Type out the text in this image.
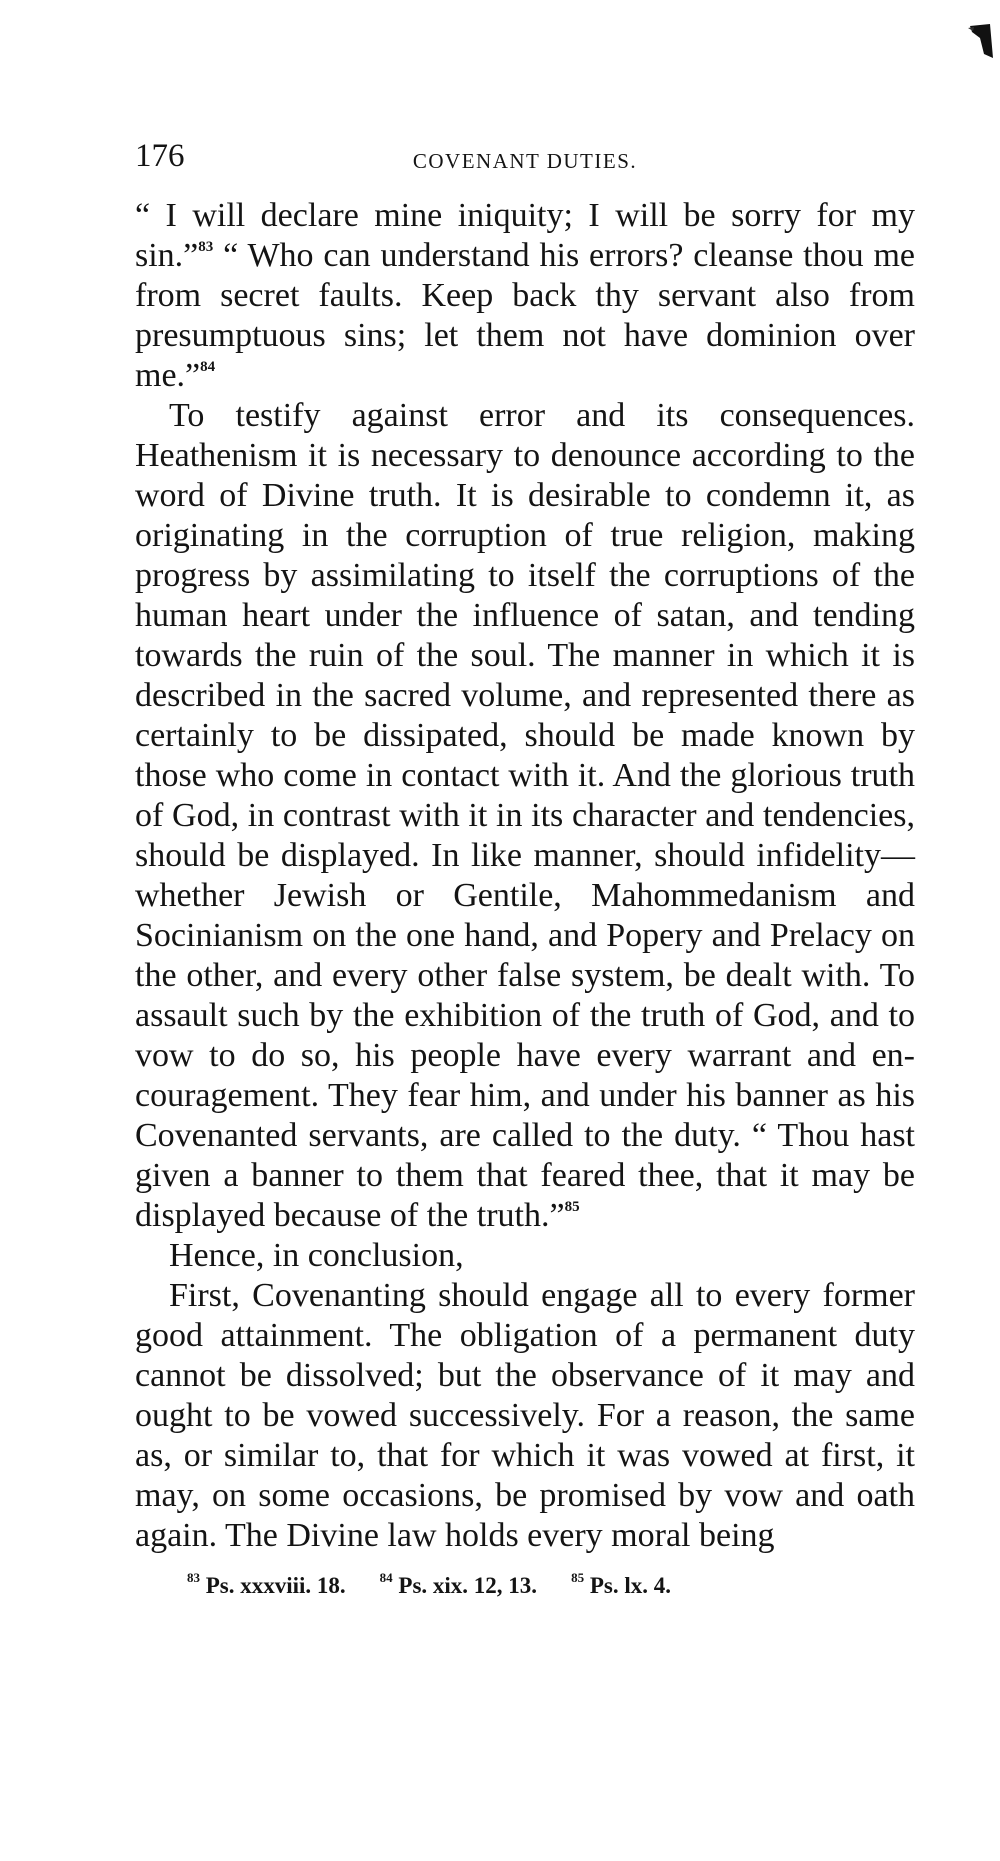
176	COVENANT DUTIES.

“ I will declare mine iniquity; I will be sorry for my sin.”$^{83}$ “ Who can understand his errors? cleanse thou me from secret faults. Keep back thy servant also from presumptuous sins; let them not have dominion over me.”$^{84}$

To testify against error and its consequences. Heathenism it is necessary to denounce according to the word of Divine truth. It is desirable to condemn it, as originating in the corruption of true religion, making progress by assimilating to itself the corruptions of the human heart under the influence of satan, and tending towards the ruin of the soul. The manner in which it is described in the sacred volume, and represented there as certainly to be dissipated, should be made known by those who come in contact with it. And the glorious truth of God, in contrast with it in its character and tendencies, should be displayed. In like manner, should infidelity—whether Jewish or Gentile, Mahommedanism and Socinianism on the one hand, and Popery and Prelacy on the other, and every other false system, be dealt with. To assault such by the exhibition of the truth of God, and to vow to do so, his people have every warrant and encouragement. They fear him, and under his banner as his Covenanted servants, are called to the duty. “ Thou hast given a banner to them that feared thee, that it may be displayed because of the truth.”$^{85}$

Hence, in conclusion,

First, Covenanting should engage all to every former good attainment. The obligation of a permanent duty cannot be dissolved; but the observance of it may and ought to be vowed successively. For a reason, the same as, or similar to, that for which it was vowed at first, it may, on some occasions, be promised by vow and oath again. The Divine law holds every moral being

$^{83}$ Ps. xxxviii. 18.	$^{84}$ Ps. xix. 12, 13.	$^{85}$ Ps. lx. 4.
